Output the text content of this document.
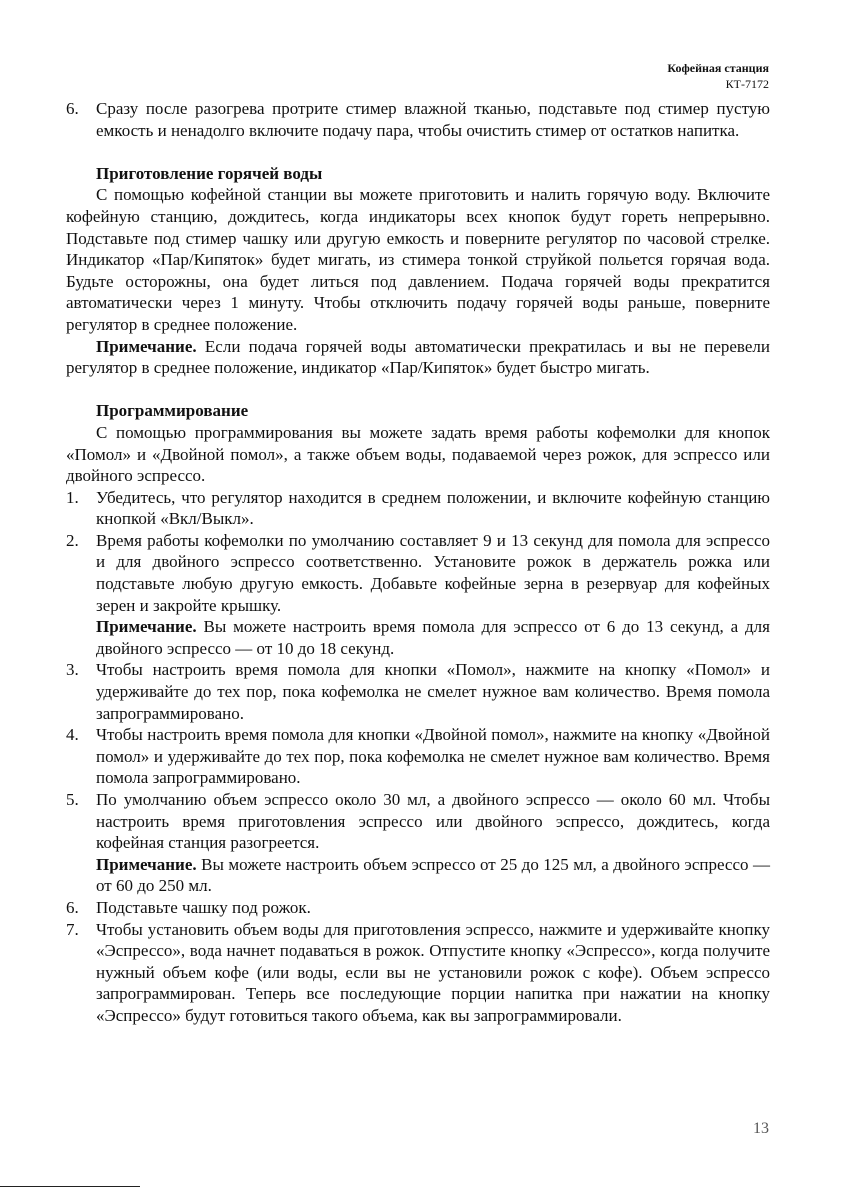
Кофейная станция
КТ-7172
6.	Сразу после разогрева протрите стимер влажной тканью, подставьте под стимер пустую емкость и ненадолго включите подачу пара, чтобы очистить стимер от остатков напитка.

Приготовление горячей воды

С помощью кофейной станции вы можете приготовить и налить горячую воду. Включите кофейную станцию, дождитесь, когда индикаторы всех кнопок будут гореть непрерывно. Подставьте под стимер чашку или другую емкость и поверните регулятор по часовой стрелке. Индикатор «Пар/Кипяток» будет мигать, из стимера тонкой струйкой польется горячая вода. Будьте осторожны, она будет литься под давлением. Подача горячей воды прекратится автоматически через 1 минуту. Чтобы отключить подачу горячей воды раньше, поверните регулятор в среднее положение.

Примечание. Если подача горячей воды автоматически прекратилась и вы не перевели регулятор в среднее положение, индикатор «Пар/Кипяток» будет быстро мигать.

Программирование

С помощью программирования вы можете задать время работы кофемолки для кнопок «Помол» и «Двойной помол», а также объем воды, подаваемой через рожок, для эспрессо или двойного эспрессо.

1.	Убедитесь, что регулятор находится в среднем положении, и включите кофейную станцию кнопкой «Вкл/Выкл».
2.	Время работы кофемолки по умолчанию составляет 9 и 13 секунд для помола для эспрессо и для двойного эспрессо соответственно. Установите рожок в держатель рожка или подставьте любую другую емкость. Добавьте кофейные зерна в резервуар для кофейных зерен и закройте крышку.

Примечание. Вы можете настроить время помола для эспрессо от 6 до 13 секунд, а для двойного эспрессо — от 10 до 18 секунд.

3.	Чтобы настроить время помола для кнопки «Помол», нажмите на кнопку «Помол» и удерживайте до тех пор, пока кофемолка не смелет нужное вам количество. Время помола запрограммировано.
4.	Чтобы настроить время помола для кнопки «Двойной помол», нажмите на кнопку «Двойной помол» и удерживайте до тех пор, пока кофемолка не смелет нужное вам количество. Время помола запрограммировано.
5.	По умолчанию объем эспрессо около 30 мл, а двойного эспрессо — около 60 мл. Чтобы настроить время приготовления эспрессо или двойного эспрессо, дождитесь, когда кофейная станция разогреется.

Примечание. Вы можете настроить объем эспрессо от 25 до 125 мл, а двойного эспрессо — от 60 до 250 мл.

6.	Подставьте чашку под рожок.
7.	Чтобы установить объем воды для приготовления эспрессо, нажмите и удерживайте кнопку «Эспрессо», вода начнет подаваться в рожок. Отпустите кнопку «Эспрессо», когда получите нужный объем кофе (или воды, если вы не установили рожок с кофе). Объем эспрессо запрограммирован. Теперь все последующие порции напитка при нажатии на кнопку «Эспрессо» будут готовиться такого объема, как вы запрограммировали.
13
